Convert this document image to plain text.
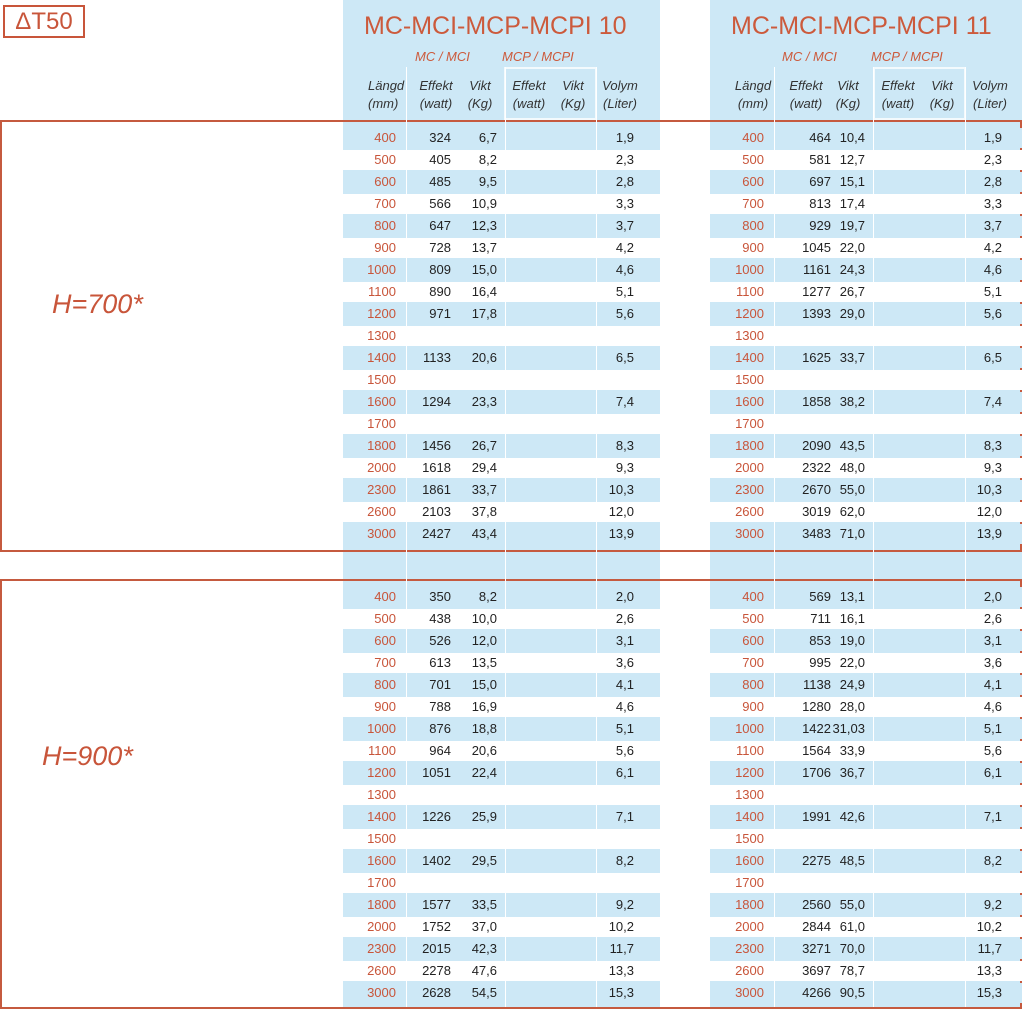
ΔT50
H=700*
H=900*
MC-MCI-MCP-MCPI 10
MC / MCI MCP / MCPI
Längd
(mm)
Effekt
(watt)
Vikt
(Kg)
Effekt
(watt)
Vikt
(Kg)
Volym
(Liter)
400	324 6,7	1,9
500	405 8,2	2,3
600	485 9,5	2,8
700	566 10,9	3,3
800	647 12,3	3,7
900	728 13,7	4,2
1000	809 15,0	4,6
1100	890 16,4	5,1
1200	971 17,8	5,6
1300
1400 1133 20,6	6,5
1500
1600 1294 23,3	7,4
1700
1800 1456 26,7	8,3
2000 1618 29,4	9,3
2300 1861 33,7	10,3
2600 2103 37,8	12,0
3000 2427 43,4	13,9
400	350 8,2	2,0
500	438 10,0	2,6
600	526 12,0	3,1
700	613 13,5	3,6
800	701 15,0	4,1
900	788 16,9	4,6
1000	876 18,8	5,1
1100	964 20,6	5,6
1200 1051 22,4	6,1
1300
1400 1226 25,9	7,1
1500
1600 1402 29,5	8,2
1700
1800 1577 33,5	9,2
2000 1752 37,0	10,2
2300 2015 42,3	11,7
2600 2278 47,6	13,3
3000 2628 54,5	15,3
MC-MCI-MCP-MCPI 11
MC / MCI	MCP / MCPI
Längd
(mm)
Effekt
(watt)
Vikt
(Kg)
Effekt
(watt)
Vikt
(Kg)
Volym
(Liter)
400	464 10,4	1,9
500	581 12,7	2,3
600	697 15,1	2,8
700	813 17,4	3,3
800	929 19,7	3,7
900	1045 22,0	4,2
1000	1161 24,3	4,6
1100	1277 26,7	5,1
1200	1393 29,0	5,6
1300
1400	1625 33,7	6,5
1500
1600	1858 38,2	7,4
1700
1800	2090 43,5	8,3
2000	2322 48,0	9,3
2300	2670 55,0	10,3
2600	3019 62,0	12,0
3000	3483 71,0	13,9
400	569 13,1	2,0
500	711 16,1	2,6
600	853 19,0	3,1
700	995 22,0	3,6
800	1138 24,9	4,1
900	1280 28,0	4,6
1000	1422 31,03	5,1
1100	1564 33,9	5,6
1200	1706 36,7	6,1
1300
1400	1991 42,6	7,1
1500
1600	2275 48,5	8,2
1700
1800	2560 55,0	9,2
2000	2844 61,0	10,2
2300	3271 70,0	11,7
2600	3697 78,7	13,3
3000	4266 90,5	15,3
